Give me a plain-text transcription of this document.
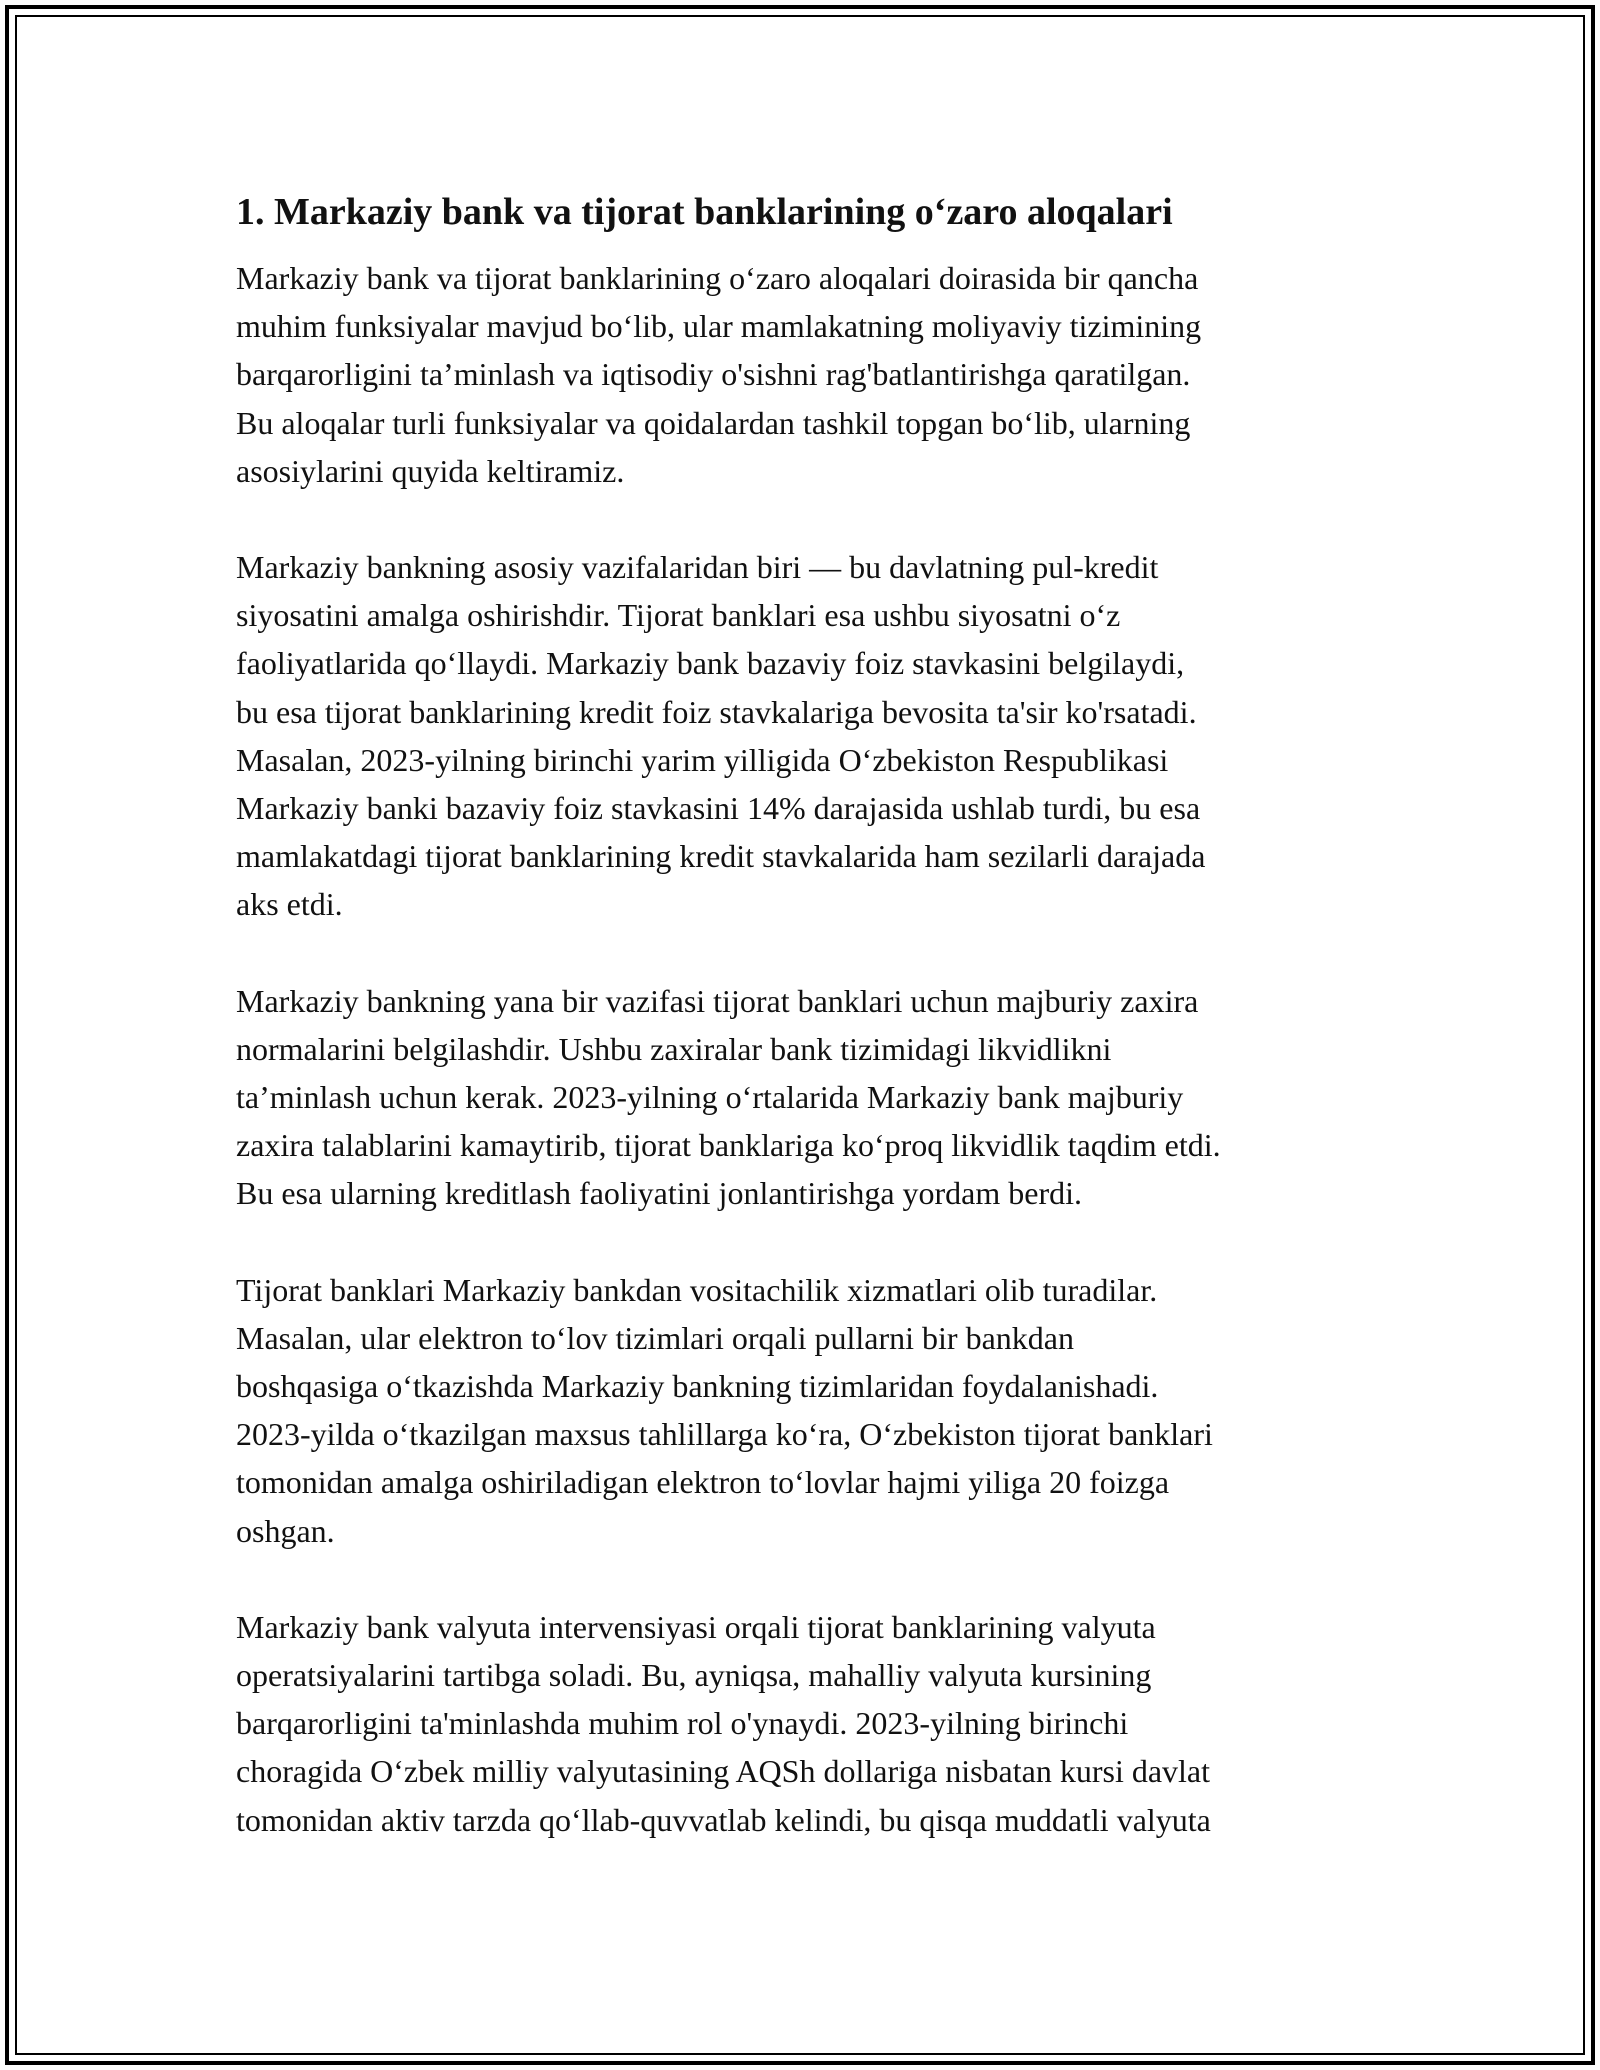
1. Markaziy bank va tijorat banklarining o‘zaro aloqalari

Markaziy bank va tijorat banklarining o‘zaro aloqalari doirasida bir qancha
muhim funksiyalar mavjud bo‘lib, ular mamlakatning moliyaviy tizimining
barqarorligini ta’minlash va iqtisodiy o'sishni rag'batlantirishga qaratilgan.
Bu aloqalar turli funksiyalar va qoidalardan tashkil topgan bo‘lib, ularning
asosiylarini quyida keltiramiz.

Markaziy bankning asosiy vazifalaridan biri — bu davlatning pul-kredit
siyosatini amalga oshirishdir. Tijorat banklari esa ushbu siyosatni o‘z
faoliyatlarida qo‘llaydi. Markaziy bank bazaviy foiz stavkasini belgilaydi,
bu esa tijorat banklarining kredit foiz stavkalariga bevosita ta'sir ko'rsatadi.
Masalan, 2023-yilning birinchi yarim yilligida O‘zbekiston Respublikasi
Markaziy banki bazaviy foiz stavkasini 14% darajasida ushlab turdi, bu esa
mamlakatdagi tijorat banklarining kredit stavkalarida ham sezilarli darajada
aks etdi.

Markaziy bankning yana bir vazifasi tijorat banklari uchun majburiy zaxira
normalarini belgilashdir. Ushbu zaxiralar bank tizimidagi likvidlikni
ta’minlash uchun kerak. 2023-yilning o‘rtalarida Markaziy bank majburiy
zaxira talablarini kamaytirib, tijorat banklariga ko‘proq likvidlik taqdim etdi.
Bu esa ularning kreditlash faoliyatini jonlantirishga yordam berdi.

Tijorat banklari Markaziy bankdan vositachilik xizmatlari olib turadilar.
Masalan, ular elektron to‘lov tizimlari orqali pullarni bir bankdan
boshqasiga o‘tkazishda Markaziy bankning tizimlaridan foydalanishadi.
2023-yilda o‘tkazilgan maxsus tahlillarga ko‘ra, O‘zbekiston tijorat banklari
tomonidan amalga oshiriladigan elektron to‘lovlar hajmi yiliga 20 foizga
oshgan.

Markaziy bank valyuta intervensiyasi orqali tijorat banklarining valyuta
operatsiyalarini tartibga soladi. Bu, ayniqsa, mahalliy valyuta kursining
barqarorligini ta'minlashda muhim rol o'ynaydi. 2023-yilning birinchi
choragida O‘zbek milliy valyutasining AQSh dollariga nisbatan kursi davlat
tomonidan aktiv tarzda qo‘llab-quvvatlab kelindi, bu qisqa muddatli valyuta
